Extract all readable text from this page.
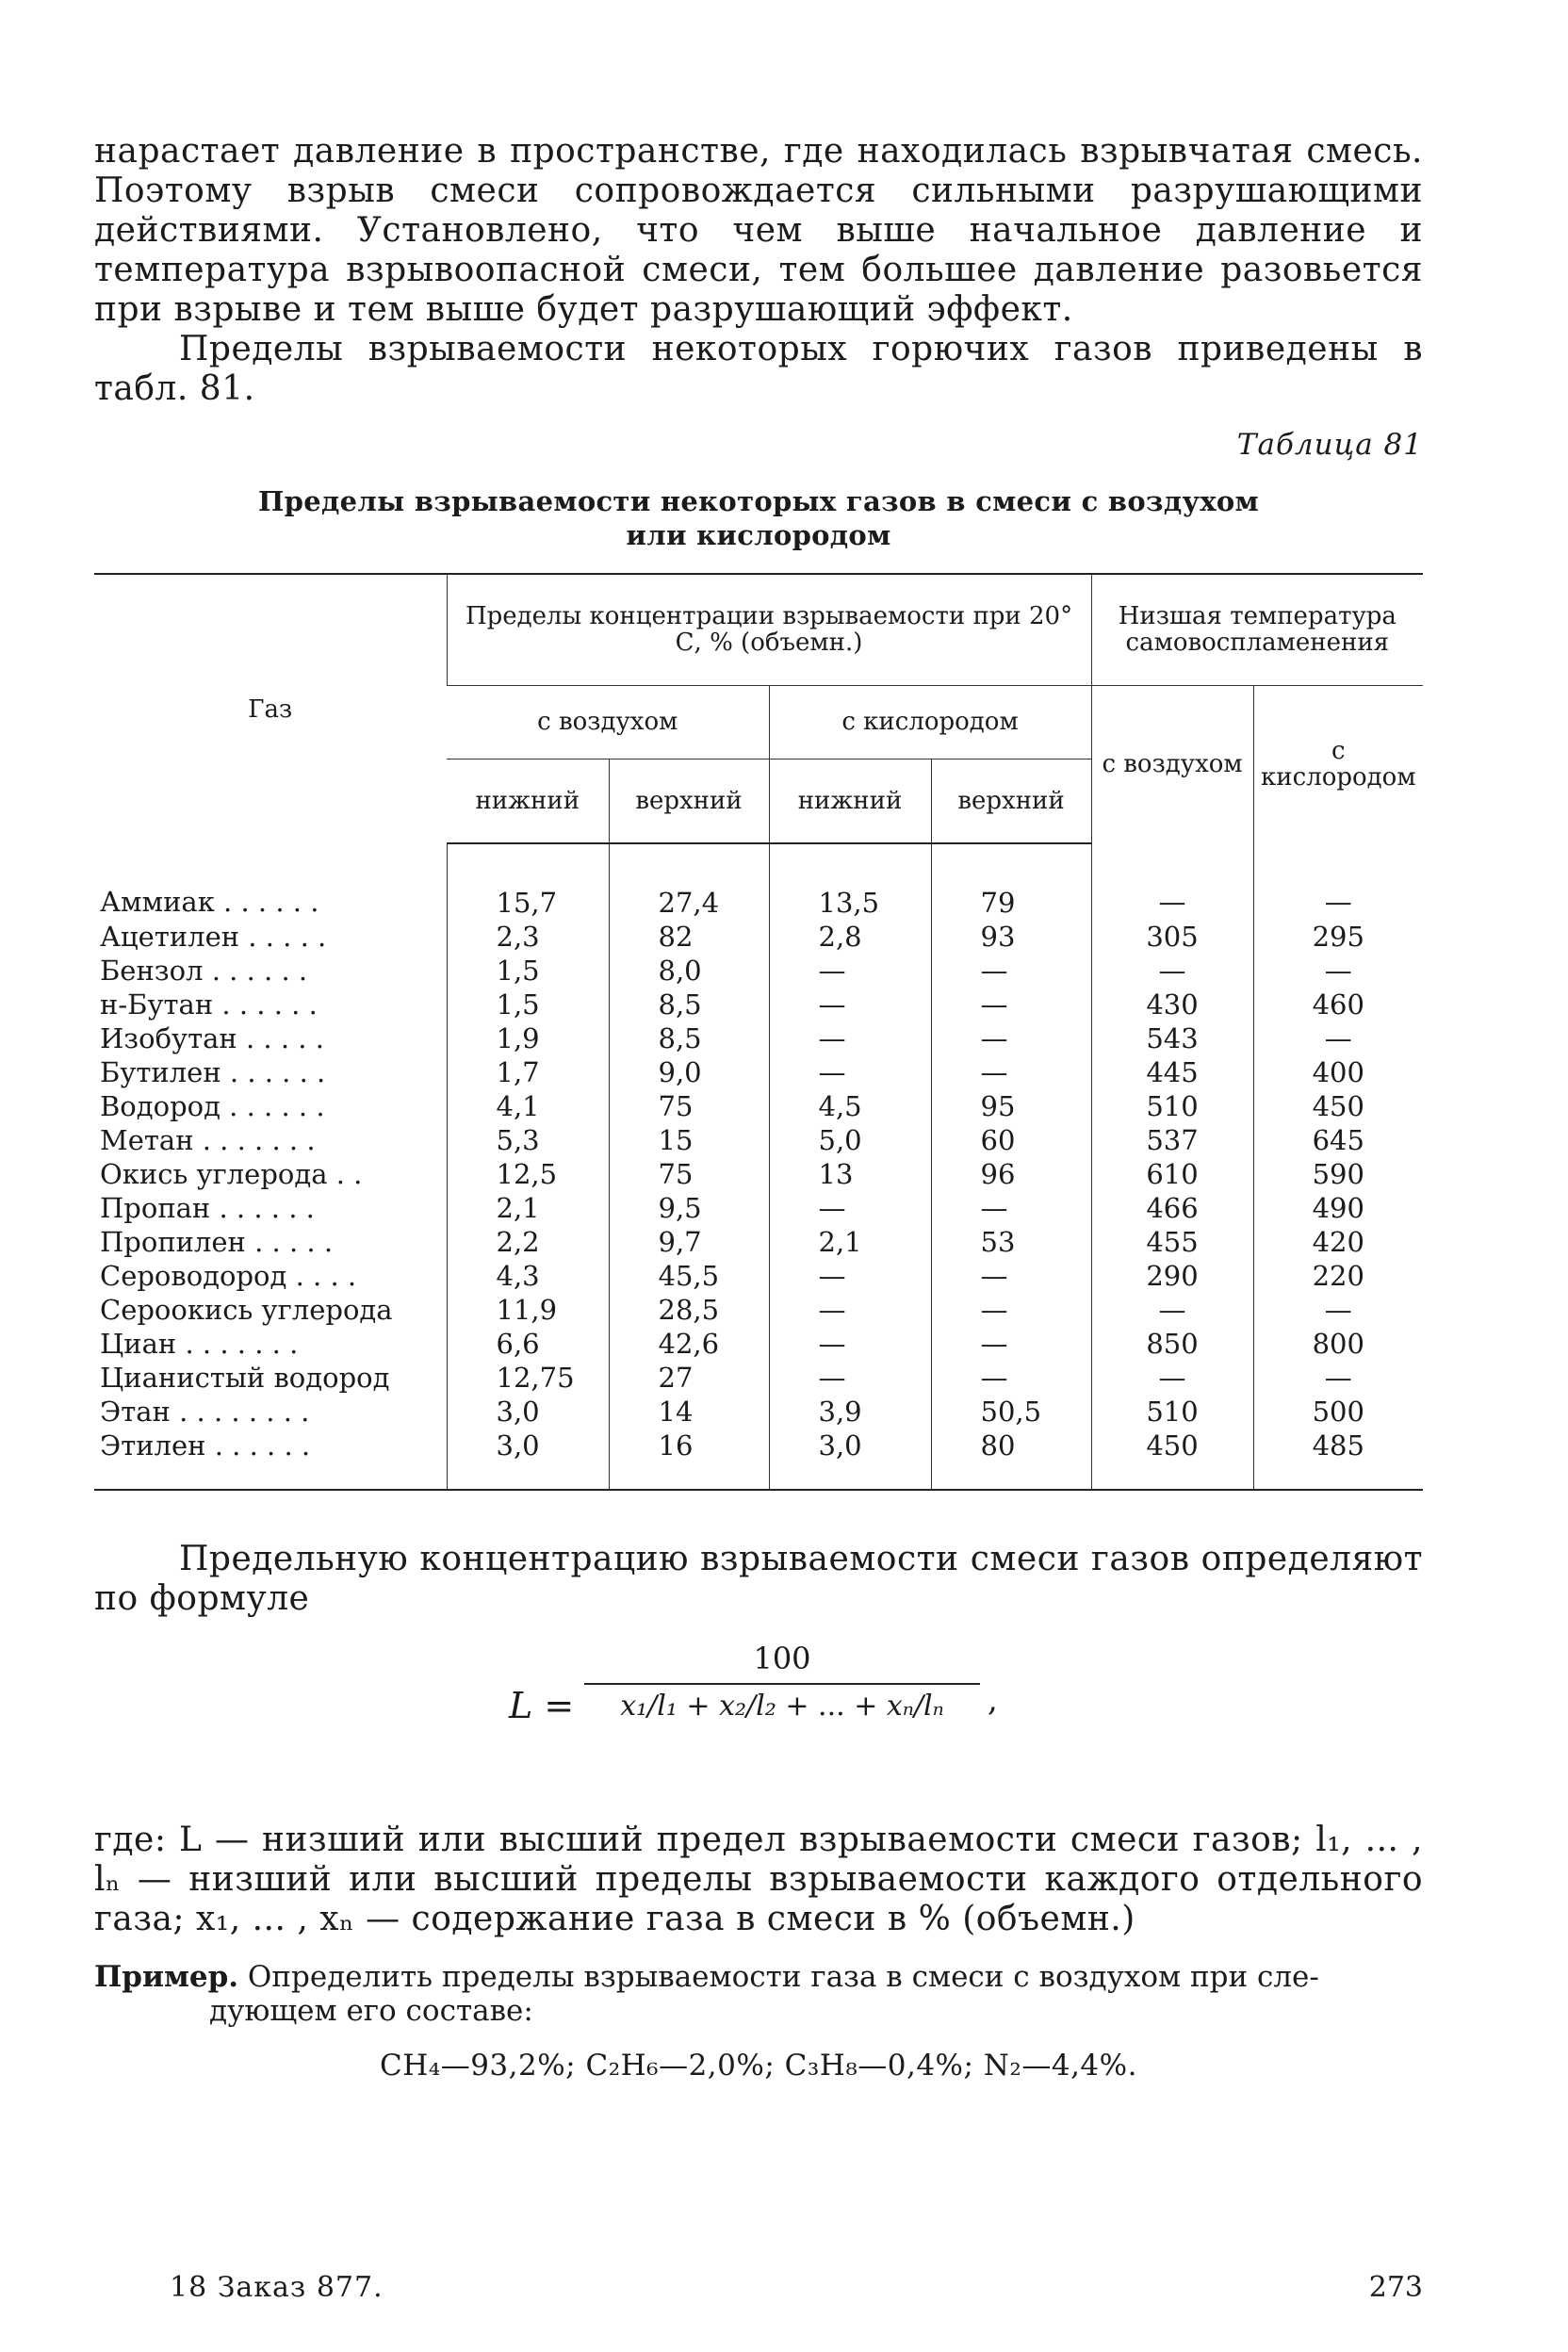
нарастает давление в пространстве, где находилась взрывчатая смесь. Поэтому взрыв смеси сопровождается сильными разрушающими действиями. Установлено, что чем выше начальное давление и температура взрывоопасной смеси, тем большее давление разовьется при взрыве и тем выше будет разрушающий эффект.

Пределы взрываемости некоторых горючих газов приведены в табл. 81.

Таблица 81
Пределы взрываемости некоторых газов в смеси с воздухом
или кислородом
Газ	Пределы концентрации взрываемости при 20° С, % (объемн.)				Низшая температура самовоспламенения	
	с воздухом		с кислородом		с воздухом	с кислородом
	нижний	верхний	нижний	верхний		
Аммиак . . . . . .	15,7	27,4	13,5	79	—	—
Ацетилен . . . . .	2,3	82	2,8	93	305	295
Бензол . . . . . .	1,5	8,0	—	—	—	—
н-Бутан . . . . . .	1,5	8,5	—	—	430	460
Изобутан . . . . .	1,9	8,5	—	—	543	—
Бутилен . . . . . .	1,7	9,0	—	—	445	400
Водород . . . . . .	4,1	75	4,5	95	510	450
Метан . . . . . . .	5,3	15	5,0	60	537	645
Окись углерода . .	12,5	75	13	96	610	590
Пропан . . . . . .	2,1	9,5	—	—	466	490
Пропилен . . . . .	2,2	9,7	2,1	53	455	420
Сероводород . . . .	4,3	45,5	—	—	290	220
Сероокись углерода	11,9	28,5	—	—	—	—
Циан . . . . . . .	6,6	42,6	—	—	850	800
Цианистый водород	12,75	27	—	—	—	—
Этан . . . . . . . .	3,0	14	3,9	50,5	510	500
Этилен . . . . . .	3,0	16	3,0	80	450	485

Предельную концентрацию взрываемости смеси газов определяют по формуле

L =
100
x₁/l₁ + x₂/l₂ + ... + xₙ/lₙ	,

где: L — низший или высший предел взрываемости смеси газов; l₁, ... , lₙ — низший или высший пределы взрываемости каждого отдельного газа; x₁, ... , xₙ — содержание газа в смеси в % (объемн.)

Пример. Определить пределы взрываемости газа в смеси с воздухом при сле-
дующем его составе:
CH₄—93,2%; C₂H₆—2,0%; C₃H₈—0,4%; N₂—4,4%.
18 Заказ 877.	273
